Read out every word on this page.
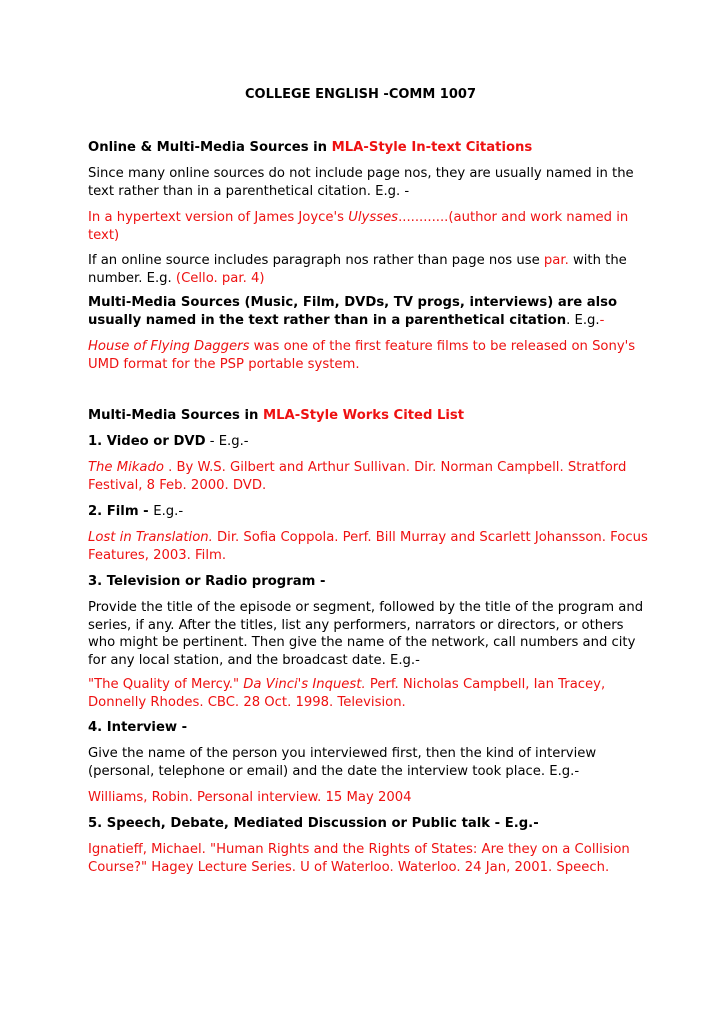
COLLEGE ENGLISH -COMM 1007

Online & Multi-Media Sources in MLA-Style In-text Citations

Since many online sources do not include page nos, they are usually named in the text rather than in a parenthetical citation. E.g. -

In a hypertext version of James Joyce's Ulysses............(author and work named in text)

If an online source includes paragraph nos rather than page nos use par. with the number. E.g. (Cello. par. 4)

Multi-Media Sources (Music, Film, DVDs, TV progs, interviews) are also usually named in the text rather than in a parenthetical citation. E.g.-

House of Flying Daggers was one of the first feature films to be released on Sony's UMD format for the PSP portable system.

Multi-Media Sources in MLA-Style Works Cited List

1. Video or DVD - E.g.-

The Mikado . By W.S. Gilbert and Arthur Sullivan. Dir. Norman Campbell. Stratford Festival, 8 Feb. 2000. DVD.

2. Film - E.g.-

Lost in Translation. Dir. Sofia Coppola. Perf. Bill Murray and Scarlett Johansson. Focus Features, 2003. Film.

3. Television or Radio program -

Provide the title of the episode or segment, followed by the title of the program and series, if any. After the titles, list any performers, narrators or directors, or others who might be pertinent. Then give the name of the network, call numbers and city for any local station, and the broadcast date. E.g.-

"The Quality of Mercy." Da Vinci's Inquest. Perf. Nicholas Campbell, Ian Tracey, Donnelly Rhodes. CBC. 28 Oct. 1998. Television.

4. Interview -

Give the name of the person you interviewed first, then the kind of interview (personal, telephone or email) and the date the interview took place. E.g.-

Williams, Robin. Personal interview. 15 May 2004

5. Speech, Debate, Mediated Discussion or Public talk - E.g.-

Ignatieff, Michael. "Human Rights and the Rights of States: Are they on a Collision Course?" Hagey Lecture Series. U of Waterloo. Waterloo. 24 Jan, 2001. Speech.
